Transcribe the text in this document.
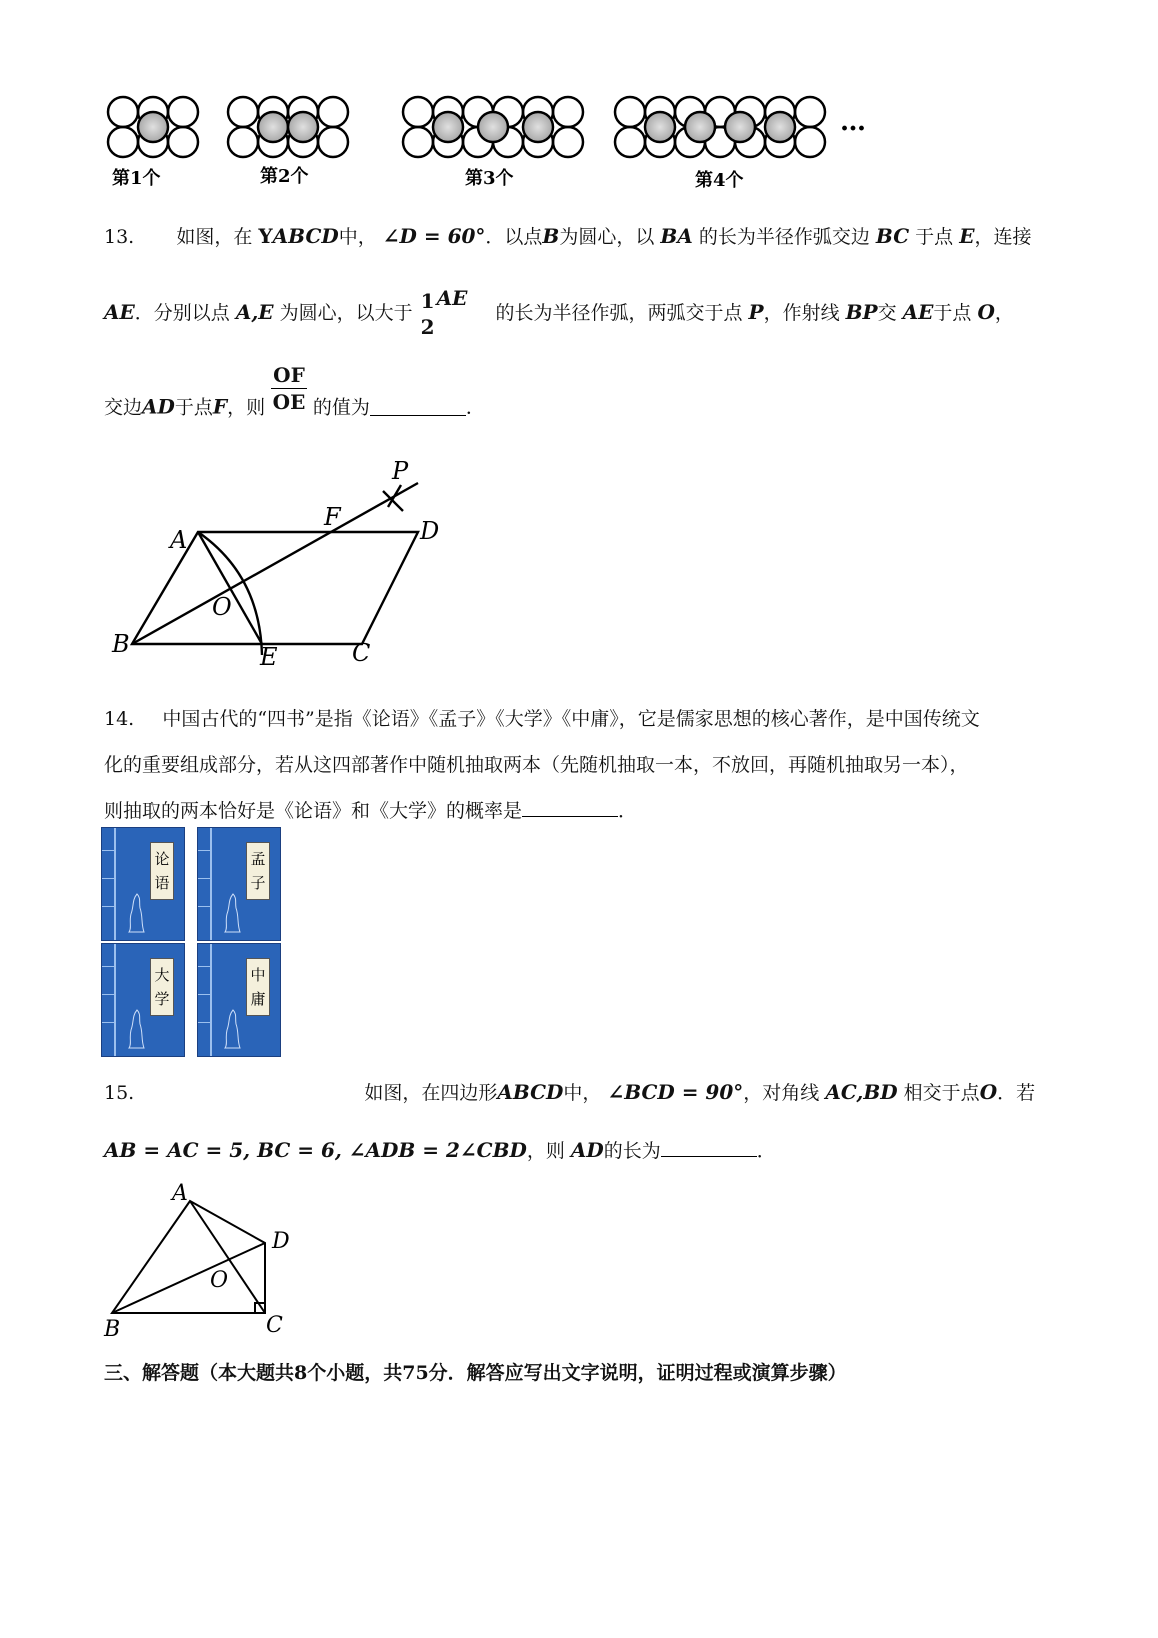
…
第1个	第2个	第3个	第4个
13. 如图，在 YABCD中， ∠D = 60°．以点B为圆心，以 BA 的长为半径作弧交边 BC 于点 E，连接
AE．分别以点 A,E 为圆心，以大于 1
2
AE  的长为半径作弧，两弧交于点 P，作射线 BP交 AE于点 O，
交边AD于点F，则 $\frac{OF}{OE}$ 的值为	．
A
F	D
P
O
B	E	C
14. 中国古代的“四书”是指《论语》《孟子》《大学》《中庸》，它是儒家思想的核心著作，是中国传统文
化的重要组成部分，若从这四部著作中随机抽取两本（先随机抽取一本，不放回，再随机抽取另一本），
则抽取的两本恰好是《论语》和《大学》的概率是	．
论
语
孟
子
大
学
中
庸
15.	如图，在四边形ABCD中， ∠BCD = 90°，对角线 AC,BD 相交于点O．若
AB = AC = 5, BC = 6, ∠ADB = 2∠CBD，则 AD的长为	．
A
D
O
B	C
三、解答题（本大题共8个小题，共75分．解答应写出文字说明，证明过程或演算步骤）
